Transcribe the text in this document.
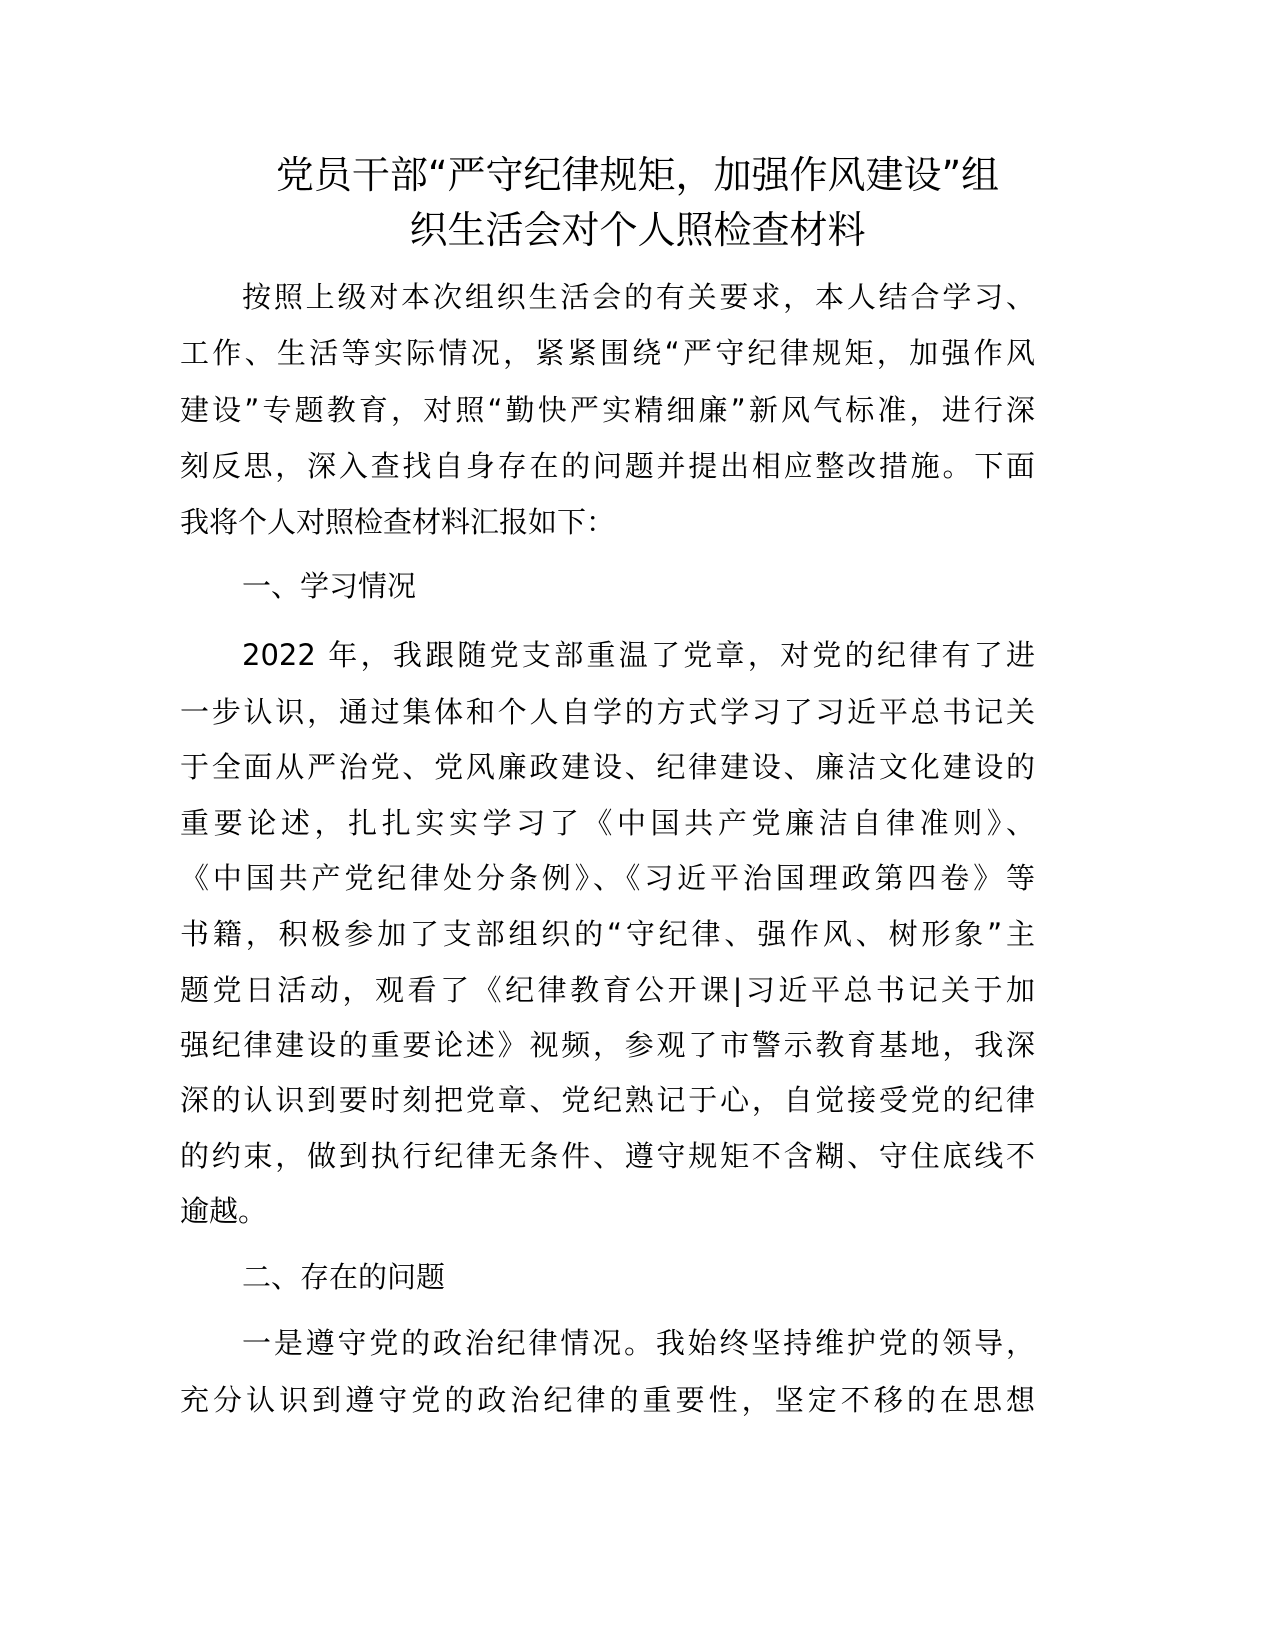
党员干部“严守纪律规矩，加强作风建设”组
织生活会对个人照检查材料
按照上级对本次组织生活会的有关要求，本人结合学习、
工作、生活等实际情况，紧紧围绕“严守纪律规矩，加强作风
建设”专题教育，对照“勤快严实精细廉”新风气标准，进行深
刻反思，深入查找自身存在的问题并提出相应整改措施。下面
我将个人对照检查材料汇报如下：
一、学习情况
2022 年，我跟随党支部重温了党章，对党的纪律有了进
一步认识，通过集体和个人自学的方式学习了习近平总书记关
于全面从严治党、党风廉政建设、纪律建设、廉洁文化建设的
重要论述，扎扎实实学习了《中国共产党廉洁自律准则》、
《中国共产党纪律处分条例》、《习近平治国理政第四卷》等
书籍，积极参加了支部组织的“守纪律、强作风、树形象”主
题党日活动，观看了《纪律教育公开课|习近平总书记关于加
强纪律建设的重要论述》视频，参观了市警示教育基地，我深
深的认识到要时刻把党章、党纪熟记于心，自觉接受党的纪律
的约束，做到执行纪律无条件、遵守规矩不含糊、守住底线不
逾越。
二、存在的问题
一是遵守党的政治纪律情况。我始终坚持维护党的领导，
充分认识到遵守党的政治纪律的重要性，坚定不移的在思想
